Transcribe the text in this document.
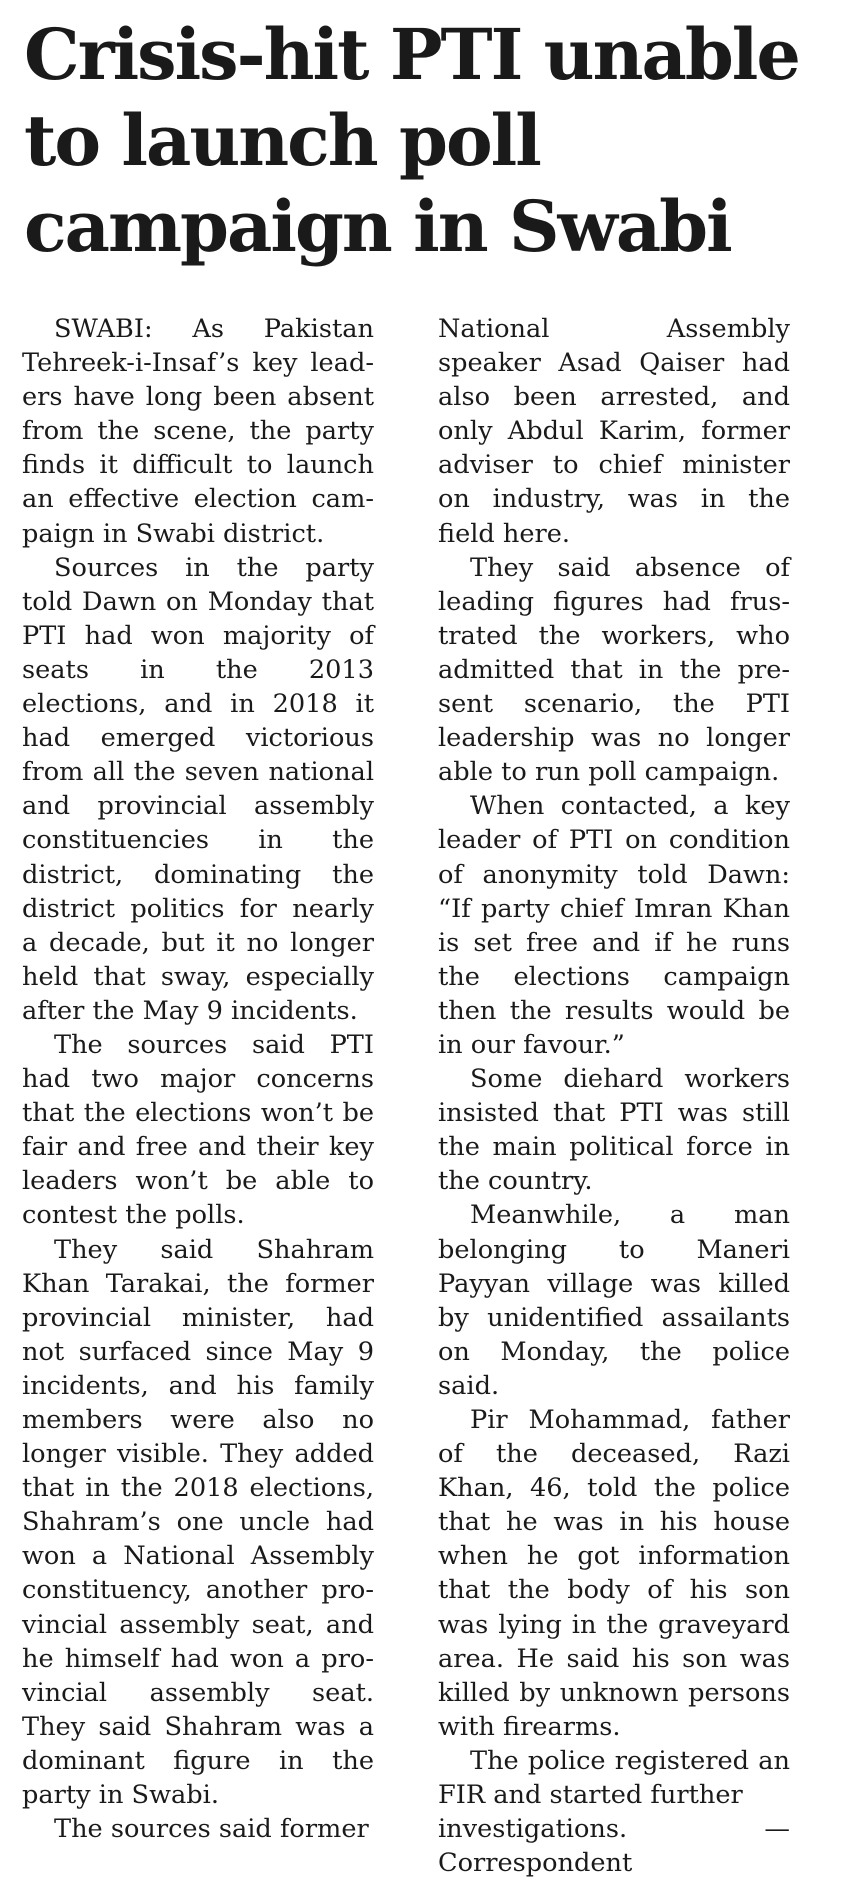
Crisis-hit PTI unable
to launch poll
campaign in Swabi

SWABI: As Pakistan Tehreek-i-Insaf’s key leaders have long been absent from the scene, the party finds it difficult to launch an effective election campaign in Swabi district.

Sources in the party told Dawn on Monday that PTI had won majority of seats in the 2013 elections, and in 2018 it had emerged victorious from all the seven national and provincial assembly constituencies in the district, dominating the district politics for nearly a decade, but it no longer held that sway, especially after the May 9 incidents.

The sources said PTI had two major concerns that the elections won’t be fair and free and their key leaders won’t be able to contest the polls.

They said Shahram Khan Tarakai, the former provincial minister, had not surfaced since May 9 incidents, and his family members were also no longer visible. They added that in the 2018 elections, Shahram’s one uncle had won a National Assembly constituency, another provincial assembly seat, and he himself had won a provincial assembly seat. They said Shahram was a dominant figure in the party in Swabi.

The sources said former

National Assembly speaker Asad Qaiser had also been arrested, and only Abdul Karim, former adviser to chief minister on industry, was in the field here.

They said absence of leading figures had frustrated the workers, who admitted that in the present scenario, the PTI leadership was no longer able to run poll campaign.

When contacted, a key leader of PTI on condition of anonymity told Dawn: “If party chief Imran Khan is set free and if he runs the elections campaign then the results would be in our favour.”

Some diehard workers insisted that PTI was still the main political force in the country.

Meanwhile, a man belonging to Maneri Payyan village was killed by unidentified assailants on Monday, the police said.

Pir Mohammad, father of the deceased, Razi Khan, 46, told the police that he was in his house when he got information that the body of his son was lying in the graveyard area. He said his son was killed by unknown persons with firearms.

The police registered an FIR and started further

investigations.	—

Correspondent
